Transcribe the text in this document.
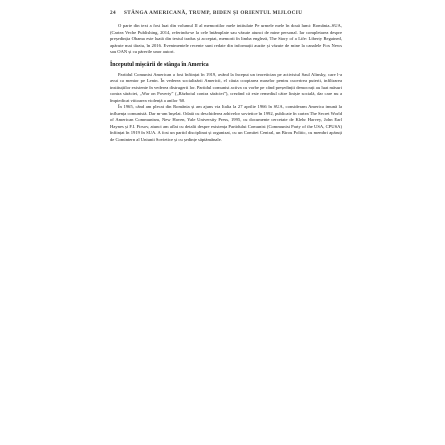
24 STÂNGA AMERICANĂ, TRUMP, BIDEN ȘI ORIENTUL MIJLOCIU

O parte din text a fost luat din volumul II al memoriilor mele intitulate Pe urmele mele în două lumi: România–SUA, (Cartea Veche Publishing, 2014, referindu-se la cele întâmplate sau văzute atunci de mine personal. Iar completarea despre președinția Obama este luată din textul tradus și acceptat, memorii în limba engleză, The Story of a Life: Liberty Regained, apărute mai târziu, în 2016. Evenimentele recente sunt redate din informații auzite și văzute de mine la canalele Fox News sau OAN și cu părerile unor autori.

Începutul mișcării de stânga în America

Partidul Comunist American a fost înființat în 1919, având la început un teoretician pe activistul Saul Alinsky, care l-a avut ca mentor pe Lenin. În vederea socializării Americii, el căuta cooptarea maselor pentru cucerirea puterii, infiltrarea instituțiilor existente în vederea distrugerii lor. Partidul comunist activa cu vorbe pe când președinții democrați au luat măsuri contra sărăciei, „War on Poverty” („Războiul contra sărăciei”), crezând că este remediul către liniște socială, dar care nu a împiedicat viitoarea violență a anilor '60.

În 1965, când am plecat din România și am ajuns via Italia la 27 aprilie 1966 în SUA, consideram America imună la influența comunistă. Dar m-am înșelat. Odată cu deschiderea arhivelor sovietice în 1992, publicate în cartea The Secret World of American Communism, New Haven, Yale University Press, 1995, cu documente cercetate de Klehr Harvey, John Earl Haynes și F.I. Firsov, atunci am aflat cu detalii despre existența Partidului Comunist (Communist Party of the USA, CPUSA) înființat în 1919 în SUA. A fost un partid disciplinat și organizat, cu un Comitet Central, un Birou Politic, cu membri apăruți de Comintern al Uniunii Sovietice și cu ședințe săptămânale.
